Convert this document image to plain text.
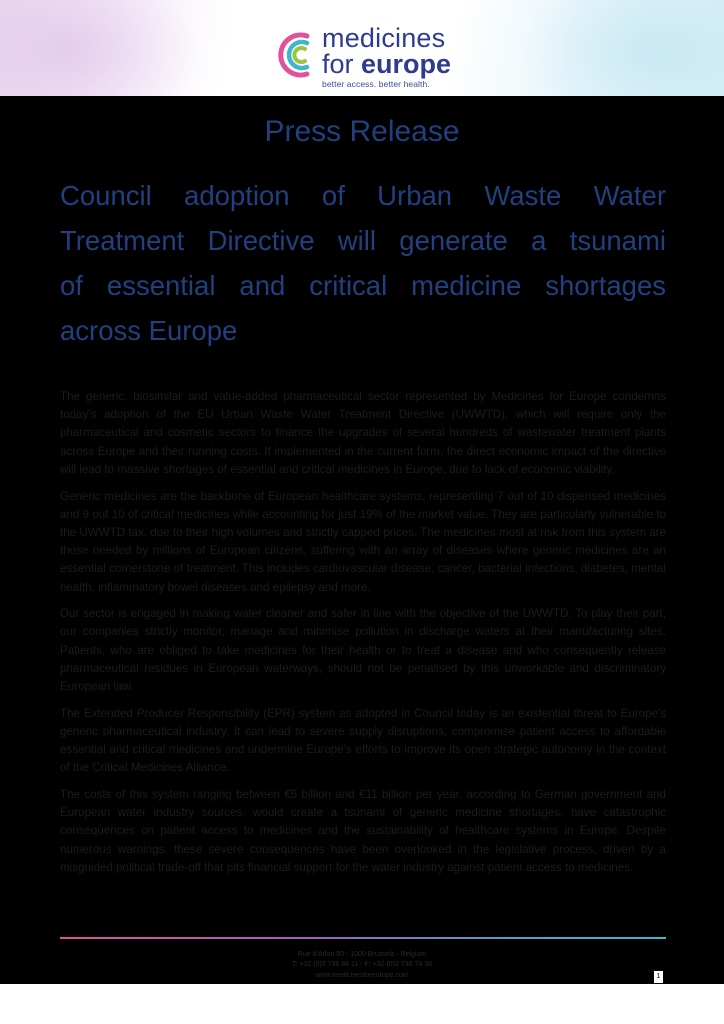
medicines
for europe
better access. better health.
Press Release
Council adoption of Urban Waste Water
Treatment Directive will generate a tsunami
of essential and critical medicine shortages
across Europe

The generic, biosimilar and value-added pharmaceutical sector represented by Medicines for Europe condemns today's adoption of the EU Urban Waste Water Treatment Directive (UWWTD), which will require only the pharmaceutical and cosmetic sectors to finance the upgrades of several hundreds of wastewater treatment plants across Europe and their running costs. If implemented in the current form, the direct economic impact of the directive will lead to massive shortages of essential and critical medicines in Europe, due to lack of economic viability.

Generic medicines are the backbone of European healthcare systems, representing 7 out of 10 dispensed medicines and 9 out 10 of critical medicines while accounting for just 19% of the market value. They are particularly vulnerable to the UWWTD tax, due to their high volumes and strictly capped prices. The medicines most at risk from this system are those needed by millions of European citizens, suffering with an array of diseases where generic medicines are an essential cornerstone of treatment. This includes cardiovascular disease, cancer, bacterial infections, diabetes, mental health, inflammatory bowel diseases and epilepsy and more.

Our sector is engaged in making water cleaner and safer in line with the objective of the UWWTD. To play their part, our companies strictly monitor, manage and minimise pollution in discharge waters at their manufacturing sites. Patients, who are obliged to take medicines for their health or to treat a disease and who consequently release pharmaceutical residues in European waterways, should not be penalised by this unworkable and discriminatory European law.

The Extended Producer Responsibility (EPR) system as adopted in Council today is an existential threat to Europe's generic pharmaceutical industry. It can lead to severe supply disruptions, compromise patient access to affordable essential and critical medicines and undermine Europe's efforts to improve its open strategic autonomy in the context of the Critical Medicines Alliance.

The costs of this system ranging between €5 billion and €11 billion per year, according to German government and European water industry sources, would create a tsunami of generic medicine shortages, have catastrophic consequences on patient access to medicines and the sustainability of healthcare systems in Europe. Despite numerous warnings, these severe consequences have been overlooked in the legislative process, driven by a misguided political trade-off that pits financial support for the water industry against patient access to medicines.

Rue d'Arlon 50 - 1000 Brussels - Belgium
T: +32 (0)2 736 84 11 - F: +32 (0)2 736 74 38
www.medicinesforeurope.com	1
